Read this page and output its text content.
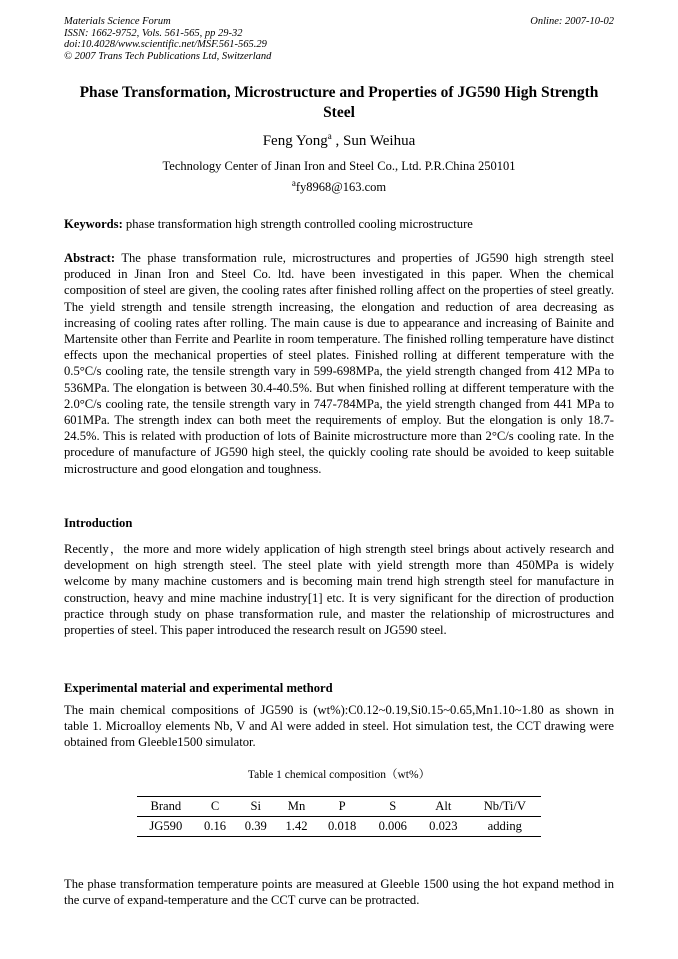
Materials Science Forum
ISSN: 1662-9752, Vols. 561-565, pp 29-32
doi:10.4028/www.scientific.net/MSF.561-565.29
© 2007 Trans Tech Publications Ltd, Switzerland
Online: 2007-10-02
Phase Transformation, Microstructure and Properties of JG590 High Strength Steel
Feng Yong$^a$ , Sun Weihua
Technology Center of Jinan Iron and Steel Co., Ltd. P.R.China 250101
$^a$fy8968@163.com
Keywords: phase transformation high strength controlled cooling microstructure
Abstract: The phase transformation rule, microstructures and properties of JG590 high strength steel produced in Jinan Iron and Steel Co. ltd. have been investigated in this paper. When the chemical composition of steel are given, the cooling rates after finished rolling affect on the properties of steel greatly. The yield strength and tensile strength increasing, the elongation and reduction of area decreasing as increasing of cooling rates after rolling. The main cause is due to appearance and increasing of Bainite and Martensite other than Ferrite and Pearlite in room temperature. The finished rolling temperature have distinct effects upon the mechanical properties of steel plates. Finished rolling at different temperature with the 0.5°C/s cooling rate, the tensile strength vary in 599-698MPa, the yield strength changed from 412 MPa to 536MPa. The elongation is between 30.4-40.5%. But when finished rolling at different temperature with the 2.0°C/s cooling rate, the tensile strength vary in 747-784MPa, the yield strength changed from 441 MPa to 601MPa. The strength index can both meet the requirements of employ. But the elongation is only 18.7-24.5%. This is related with production of lots of Bainite microstructure more than 2°C/s cooling rate. In the procedure of manufacture of JG590 high steel, the quickly cooling rate should be avoided to keep suitable microstructure and good elongation and toughness.
Introduction
Recently，the more and more widely application of high strength steel brings about actively research and development on high strength steel. The steel plate with yield strength more than 450MPa is widely welcome by many machine customers and is becoming main trend high strength steel for manufacture in construction, heavy and mine machine industry[1] etc. It is very significant for the direction of production practice through study on phase transformation rule, and master the relationship of microstructures and properties of steel. This paper introduced the research result on JG590 steel.
Experimental material and experimental methord
The main chemical compositions of JG590 is (wt%):C0.12~0.19,Si0.15~0.65,Mn1.10~1.80 as shown in table 1. Microalloy elements Nb, V and Al were added in steel. Hot simulation test, the CCT drawing were obtained from Gleeble1500 simulator.
Table 1 chemical composition（wt%）
Brand	C	Si	Mn	P	S	Alt	Nb/Ti/V
JG590	0.16	0.39	1.42	0.018	0.006	0.023	adding
The phase transformation temperature points are measured at Gleeble 1500 using the hot expand method in the curve of expand-temperature and the CCT curve can be protracted.
